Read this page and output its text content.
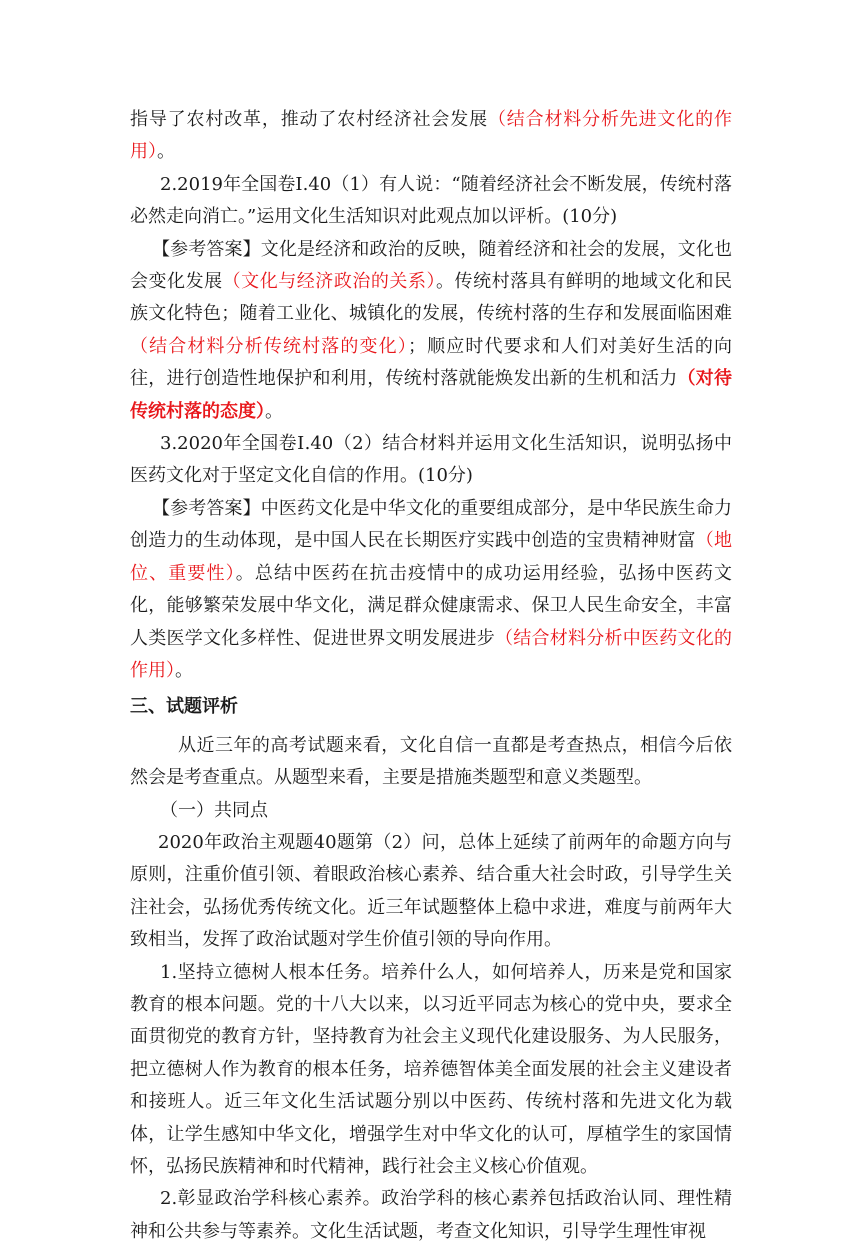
指导了农村改革，推动了农村经济社会发展（结合材料分析先进文化的作用）。

2.2019年全国卷Ⅰ.40（1）有人说：“随着经济社会不断发展，传统村落必然走向消亡。”运用文化生活知识对此观点加以评析。(10分)

【参考答案】文化是经济和政治的反映，随着经济和社会的发展，文化也会变化发展（文化与经济政治的关系）。传统村落具有鲜明的地域文化和民族文化特色；随着工业化、城镇化的发展，传统村落的生存和发展面临困难（结合材料分析传统村落的变化）；顺应时代要求和人们对美好生活的向往，进行创造性地保护和利用，传统村落就能焕发出新的生机和活力（对待传统村落的态度）。

3.2020年全国卷Ⅰ.40（2）结合材料并运用文化生活知识，说明弘扬中医药文化对于坚定文化自信的作用。(10分)

【参考答案】中医药文化是中华文化的重要组成部分，是中华民族生命力创造力的生动体现，是中国人民在长期医疗实践中创造的宝贵精神财富（地位、重要性）。总结中医药在抗击疫情中的成功运用经验，弘扬中医药文化，能够繁荣发展中华文化，满足群众健康需求、保卫人民生命安全，丰富人类医学文化多样性、促进世界文明发展进步（结合材料分析中医药文化的作用）。

三、试题评析

从近三年的高考试题来看，文化自信一直都是考查热点，相信今后依然会是考查重点。从题型来看，主要是措施类题型和意义类题型。

（一）共同点

2020年政治主观题40题第（2）问，总体上延续了前两年的命题方向与原则，注重价值引领、着眼政治核心素养、结合重大社会时政，引导学生关注社会，弘扬优秀传统文化。近三年试题整体上稳中求进，难度与前两年大致相当，发挥了政治试题对学生价值引领的导向作用。

1.坚持立德树人根本任务。培养什么人，如何培养人，历来是党和国家教育的根本问题。党的十八大以来，以习近平同志为核心的党中央，要求全面贯彻党的教育方针，坚持教育为社会主义现代化建设服务、为人民服务，把立德树人作为教育的根本任务，培养德智体美全面发展的社会主义建设者和接班人。近三年文化生活试题分别以中医药、传统村落和先进文化为载体，让学生感知中华文化，增强学生对中华文化的认可，厚植学生的家国情怀，弘扬民族精神和时代精神，践行社会主义核心价值观。

2.彰显政治学科核心素养。政治学科的核心素养包括政治认同、理性精神和公共参与等素养。文化生活试题，考查文化知识，引导学生理性审视
